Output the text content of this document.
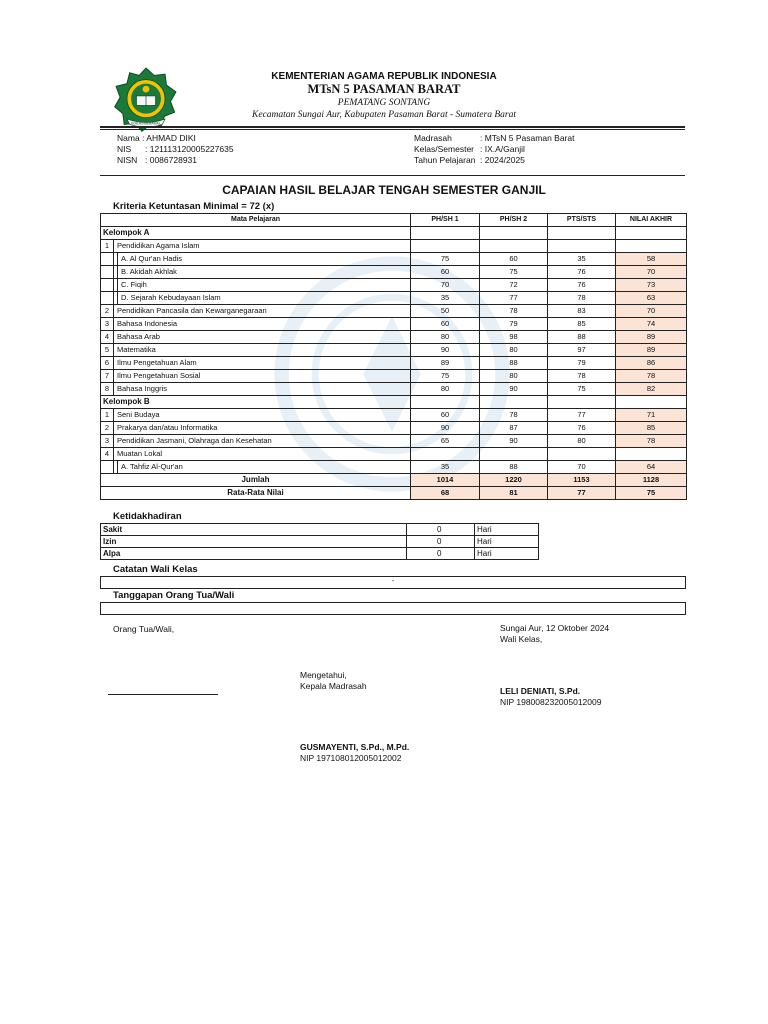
IKHLAS BERAMAL
KEMENTERIAN AGAMA REPUBLIK INDONESIA
MTsN 5 PASAMAN BARAT
PEMATANG SONTANG
Kecamatan Sungai Aur, Kabupaten Pasaman Barat - Sumatera Barat
Nama : AHMAD DIKI
NIS : 121113120005227635
NISN : 0086728931
Madrasah	: MTsN 5 Pasaman Barat
Kelas/Semester : IX.A/Ganjil
Tahun Pelajaran : 2024/2025
CAPAIAN HASIL BELAJAR TENGAH SEMESTER GANJIL
Kriteria Ketuntasan Minimal = 72 (x)
Mata Pelajaran	PH/SH 1	PH/SH 2	PTS/STS	NILAI AKHIR
Kelompok A				

1 Pendidikan Agama Islam				

A. Al Qur'an Hadis	75	60	35	58

B. Akidah Akhlak	60	75	76	70

C. Fiqih	70	72	76	73

D. Sejarah Kebudayaan Islam	35	77	78	63

2 Pendidikan Pancasila dan Kewarganegaraan	50	78	83	70

3 Bahasa Indonesia	60	79	85	74

4 Bahasa Arab	80	98	88	89

5 Matematika	90	80	97	89

6 Ilmu Pengetahuan Alam	89	88	79	86

7 Ilmu Pengetahuan Sosial	75	80	78	78

8 Bahasa Inggris	80	90	75	82
Kelompok B				

1 Seni Budaya	60	78	77	71

2 Prakarya dan/atau Informatika	90	87	76	85

3 Pendidikan Jasmani, Olahraga dan Kesehatan	65	90	80	78

4 Muatan Lokal				

A. Tahfiz Al-Qur'an	35	88	70	64
Jumlah	1014	1220	1153	1128
Rata-Rata Nilai	68	81	77	75
Ketidakhadiran
Sakit	0	Hari
Izin	0	Hari
Alpa	0	Hari
Catatan Wali Kelas
-
Tanggapan Orang Tua/Wali
Orang Tua/Wali,	Sungai Aur, 12 Oktober 2024
Wali Kelas,
Mengetahui,
Kepala Madrasah	LELI DENIATI, S.Pd.
NIP 198008232005012009
GUSMAYENTI, S.Pd., M.Pd.
NIP 197108012005012002
